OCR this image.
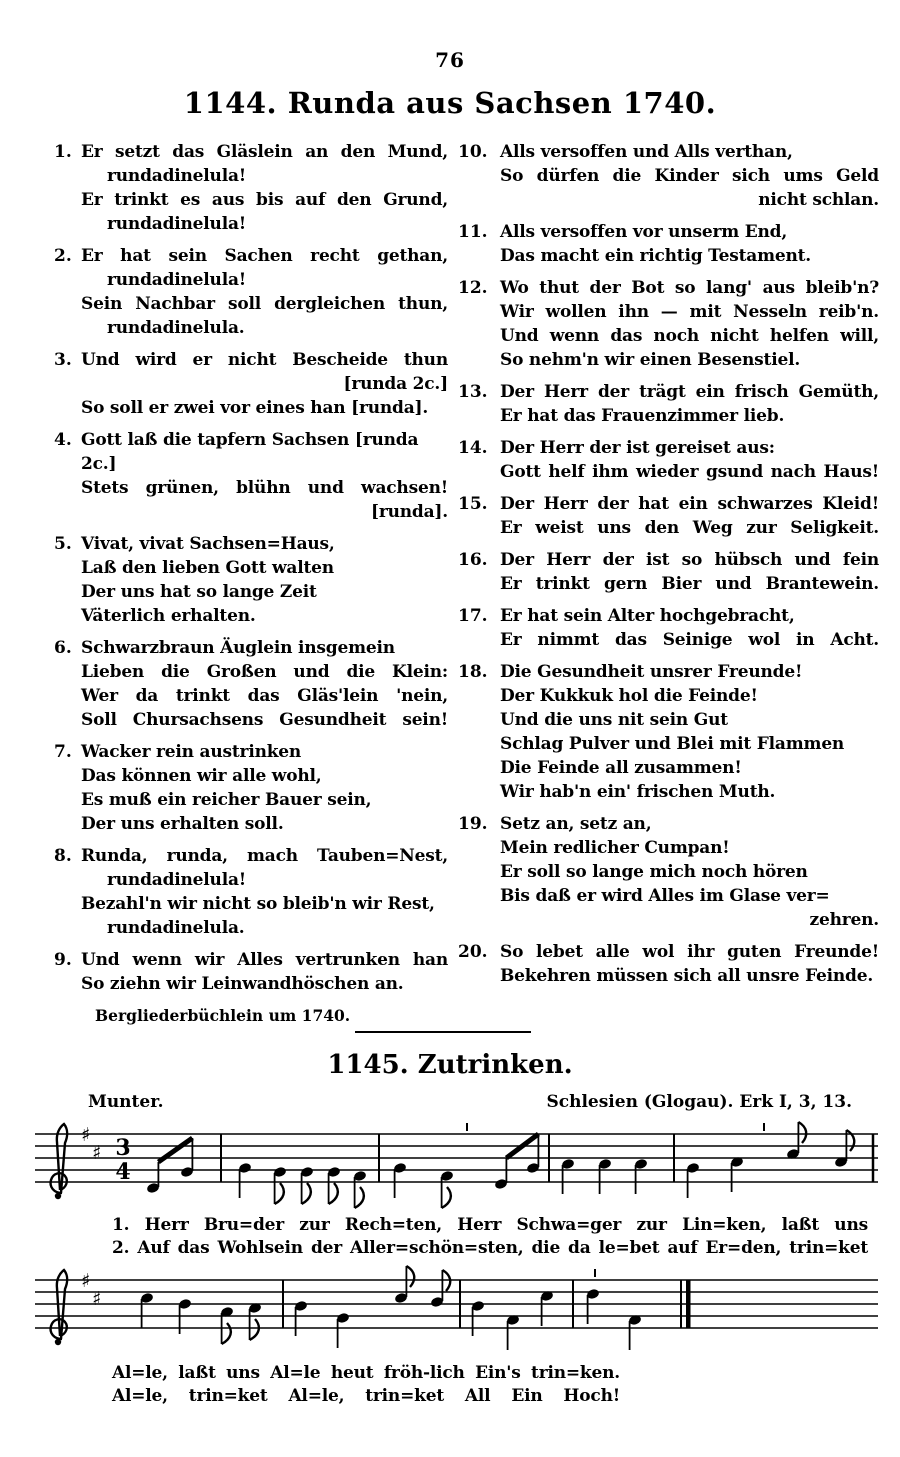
76
1144. Runda aus Sachsen 1740.
1. Er setzt das Gläslein an den Mund,
rundadinelula!
Er trinkt es aus bis auf den Grund,
rundadinelula!
2. Er hat sein Sachen recht gethan,
rundadinelula!
Sein Nachbar soll dergleichen thun,
rundadinelula.
3. Und wird er nicht Bescheide thun
[runda 2c.]
So soll er zwei vor eines han [runda].
4. Gott laß die tapfern Sachsen [runda 2c.]
Stets grünen, blühn und wachsen!
[runda].
5. Vivat, vivat Sachsen=Haus,
Laß den lieben Gott walten
Der uns hat so lange Zeit
Väterlich erhalten.
6. Schwarzbraun Äuglein insgemein
Lieben die Großen und die Klein:
Wer da trinkt das Gläs'lein 'nein,
Soll Chursachsens Gesundheit sein!
7. Wacker rein austrinken
Das können wir alle wohl,
Es muß ein reicher Bauer sein,
Der uns erhalten soll.
8. Runda, runda, mach Tauben=Nest,
rundadinelula!
Bezahl'n wir nicht so bleib'n wir Rest,
rundadinelula.
9. Und wenn wir Alles vertrunken han
So ziehn wir Leinwandhöschen an.
10. Alls versoffen und Alls verthan,
So dürfen die Kinder sich ums Geld
nicht schlan.
11. Alls versoffen vor unserm End,
Das macht ein richtig Testament.
12. Wo thut der Bot so lang' aus bleib'n?
Wir wollen ihn — mit Nesseln reib'n.
Und wenn das noch nicht helfen will,
So nehm'n wir einen Besenstiel.
13. Der Herr der trägt ein frisch Gemüth,
Er hat das Frauenzimmer lieb.
14. Der Herr der ist gereiset aus:
Gott helf ihm wieder gsund nach Haus!
15. Der Herr der hat ein schwarzes Kleid!
Er weist uns den Weg zur Seligkeit.
16. Der Herr der ist so hübsch und fein
Er trinkt gern Bier und Brantewein.
17. Er hat sein Alter hochgebracht,
Er nimmt das Seinige wol in Acht.
18. Die Gesundheit unsrer Freunde!
Der Kukkuk hol die Feinde!
Und die uns nit sein Gut
Schlag Pulver und Blei mit Flammen
Die Feinde all zusammen!
Wir hab'n ein' frischen Muth.
19. Setz an, setz an,
Mein redlicher Cumpan!
Er soll so lange mich noch hören
Bis daß er wird Alles im Glase ver=
zehren.
20. So lebet alle wol ihr guten Freunde!
Bekehren müssen sich all unsre Feinde.
Bergliederbüchlein um 1740.
1145. Zutrinken.
Munter.	Schlesien (Glogau). Erk I, 3, 13.
♯
♯ 3
4
1. Herr Bru=der zur Rech=ten, Herr Schwa=ger zur Lin=ken, laßt uns
2. Auf das Wohlsein der Aller=schön=sten, die da le=bet auf Er=den, trin=ket
♯
♯
Al=le, laßt uns Al=le heut fröh-lich Ein's trin=ken.
Al=le, trin=ket Al=le, trin=ket All Ein Hoch!
